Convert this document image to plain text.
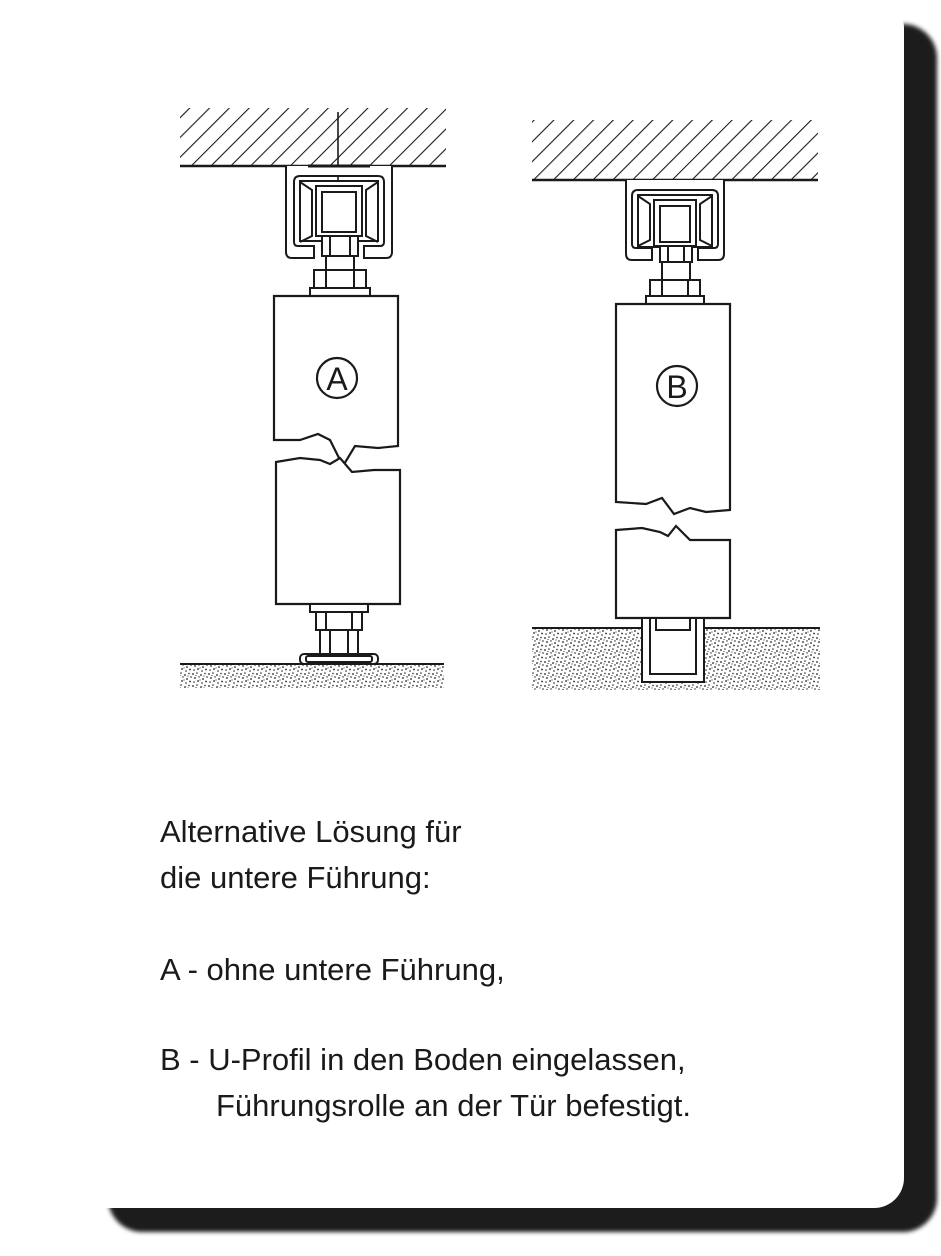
A	B
Alternative Lösung für
die untere Führung:
A - ohne untere Führung,
B - U-Profil in den Boden eingelassen,
Führungsrolle an der Tür befestigt.
